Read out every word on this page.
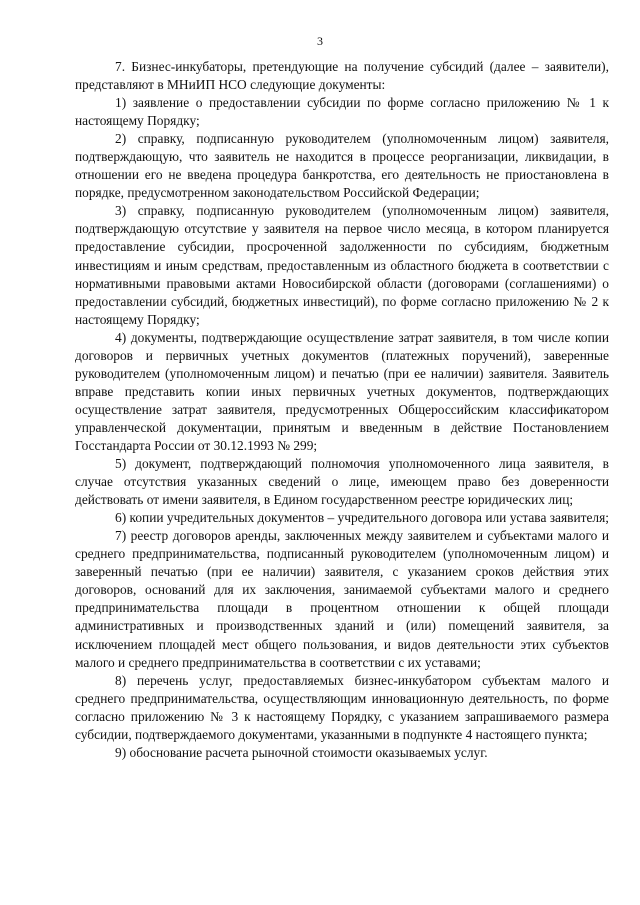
3

7. Бизнес-инкубаторы, претендующие на получение субсидий (далее – заявители), представляют в МНиИП НСО следующие документы:

1) заявление о предоставлении субсидии по форме согласно приложению № 1 к настоящему Порядку;

2) справку, подписанную руководителем (уполномоченным лицом) заявителя, подтверждающую, что заявитель не находится в процессе реорганизации, ликвидации, в отношении его не введена процедура банкротства, его деятельность не приостановлена в порядке, предусмотренном законодательством Российской Федерации;

3) справку, подписанную руководителем (уполномоченным лицом) заявителя, подтверждающую отсутствие у заявителя на первое число месяца, в котором планируется предоставление субсидии, просроченной задолженности по субсидиям, бюджетным инвестициям и иным средствам, предоставленным из областного бюджета в соответствии с нормативными правовыми актами Новосибирской области (договорами (соглашениями) о предоставлении субсидий, бюджетных инвестиций), по форме согласно приложению № 2 к настоящему Порядку;

4) документы, подтверждающие осуществление затрат заявителя, в том числе копии договоров и первичных учетных документов (платежных поручений), заверенные руководителем (уполномоченным лицом) и печатью (при ее наличии) заявителя. Заявитель вправе представить копии иных первичных учетных документов, подтверждающих осуществление затрат заявителя, предусмотренных Общероссийским классификатором управленческой документации, принятым и введенным в действие Постановлением Госстандарта России от 30.12.1993 № 299;

5) документ, подтверждающий полномочия уполномоченного лица заявителя, в случае отсутствия указанных сведений о лице, имеющем право без доверенности действовать от имени заявителя, в Едином государственном реестре юридических лиц;

6) копии учредительных документов – учредительного договора или устава заявителя;

7) реестр договоров аренды, заключенных между заявителем и субъектами малого и среднего предпринимательства, подписанный руководителем (уполномоченным лицом) и заверенный печатью (при ее наличии) заявителя, с указанием сроков действия этих договоров, оснований для их заключения, занимаемой субъектами малого и среднего предпринимательства площади в процентном отношении к общей площади административных и производственных зданий и (или) помещений заявителя, за исключением площадей мест общего пользования, и видов деятельности этих субъектов малого и среднего предпринимательства в соответствии с их уставами;

8) перечень услуг, предоставляемых бизнес-инкубатором субъектам малого и среднего предпринимательства, осуществляющим инновационную деятельность, по форме согласно приложению № 3 к настоящему Порядку, с указанием запрашиваемого размера субсидии, подтверждаемого документами, указанными в подпункте 4 настоящего пункта;

9) обоснование расчета рыночной стоимости оказываемых услуг.
